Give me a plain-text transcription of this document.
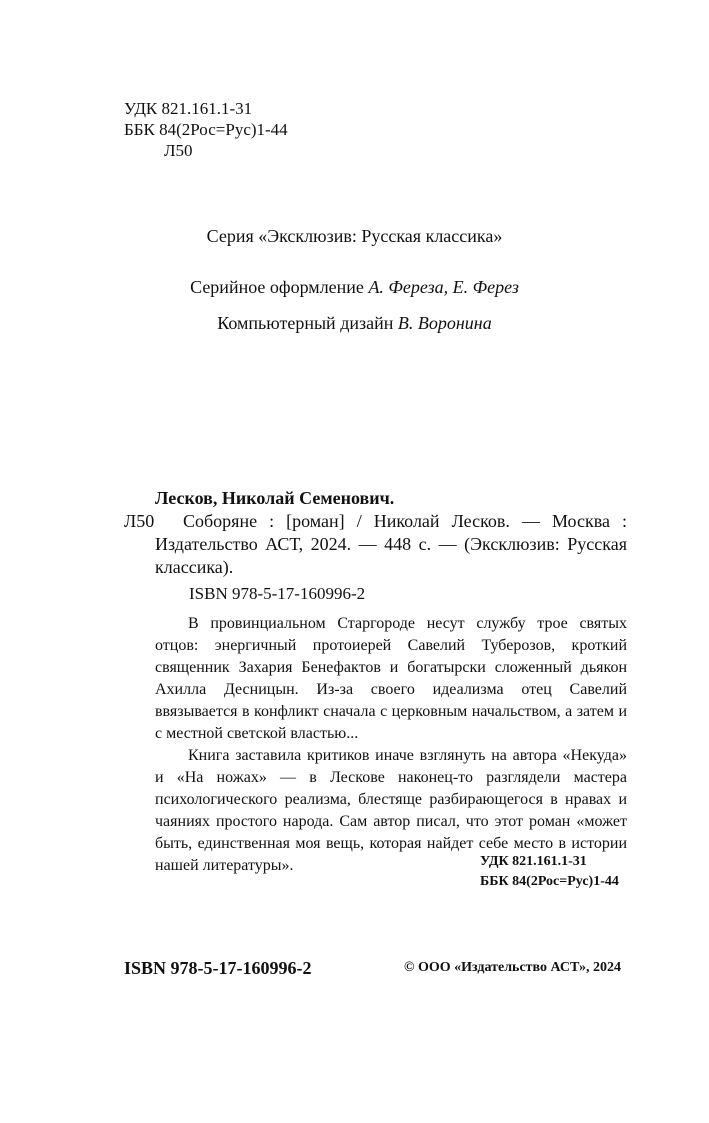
УДК 821.161.1-31
ББК 84(2Рос=Рус)1-44
Л50
Серия «Эксклюзив: Русская классика»
Серийное оформление А. Фереза, Е. Ферез
Компьютерный дизайн В. Воронина
Лесков, Николай Семенович.
Л50	Соборяне : [роман] / Николай Лесков. — Москва : Издательство АСТ, 2024. — 448 с. — (Эксклюзив: Русская классика).
ISBN 978-5-17-160996-2

В провинциальном Старгороде несут службу трое святых отцов: энергичный протоиерей Савелий Туберозов, кроткий священник Захария Бенефактов и богатырски сложенный дьякон Ахилла Десницын. Из-за своего идеализма отец Савелий ввязывается в конфликт сначала с церковным начальством, а затем и с местной светской властью...

Книга заставила критиков иначе взглянуть на автора «Некуда» и «На ножах» — в Лескове наконец-то разглядели мастера психологического реализма, блестяще разбирающегося в нравах и чаяниях простого народа. Сам автор писал, что этот роман «может быть, единственная моя вещь, которая найдет себе место в истории нашей литературы».	УДК 821.161.1-31
ББК 84(2Рос=Рус)1-44
ISBN 978-5-17-160996-2	© ООО «Издательство АСТ», 2024
